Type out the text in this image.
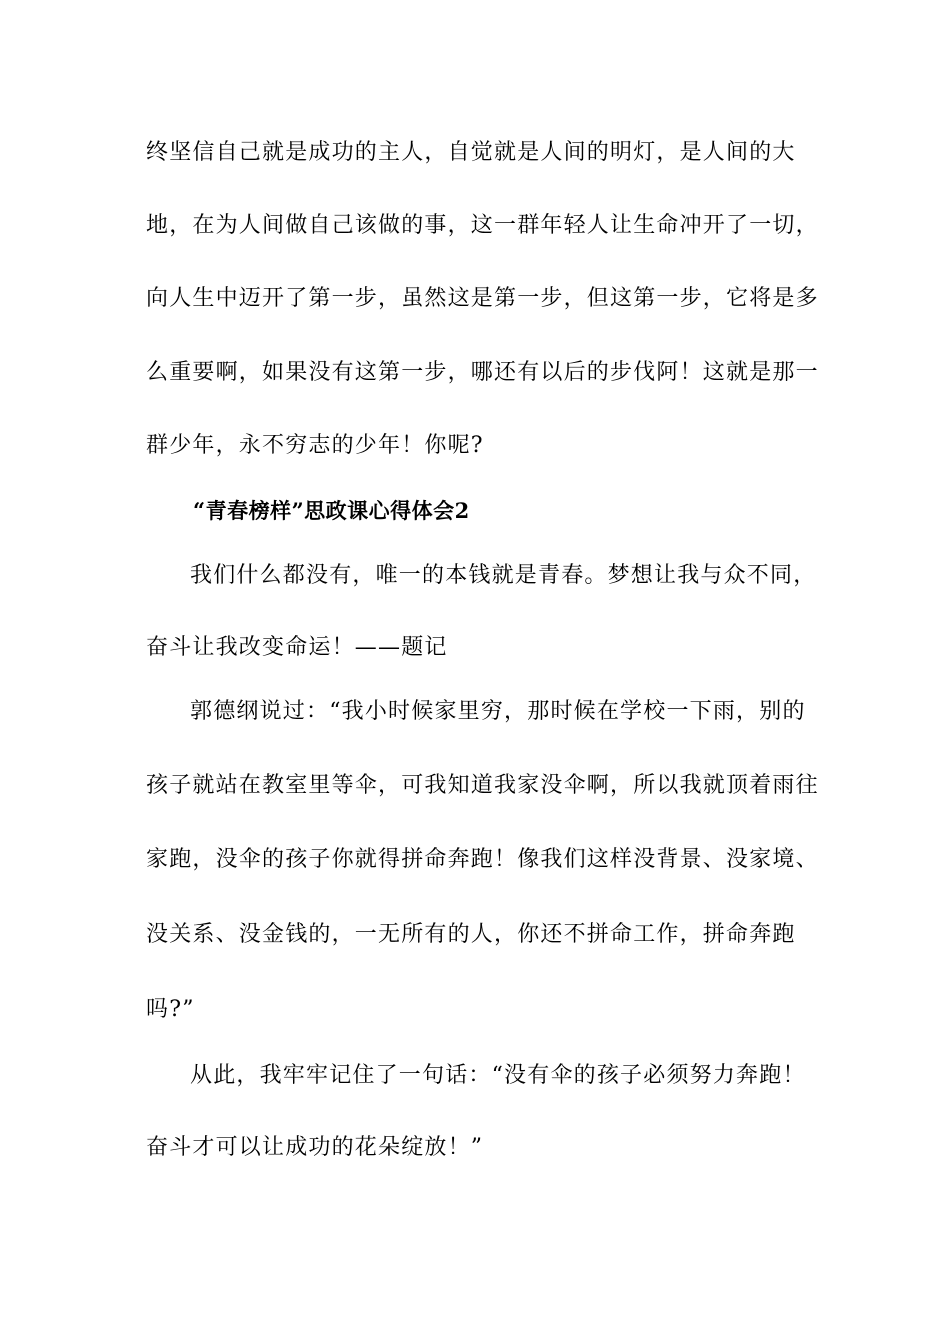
终坚信自己就是成功的主人，自觉就是人间的明灯，是人间的大
地，在为人间做自己该做的事，这一群年轻人让生命冲开了一切，
向人生中迈开了第一步，虽然这是第一步，但这第一步，它将是多
么重要啊，如果没有这第一步，哪还有以后的步伐阿！这就是那一
群少年，永不穷志的少年！你呢?
“青春榜样”思政课心得体会2
我们什么都没有，唯一的本钱就是青春。梦想让我与众不同，
奋斗让我改变命运！——题记
郭德纲说过：“我小时候家里穷，那时候在学校一下雨，别的
孩子就站在教室里等伞，可我知道我家没伞啊，所以我就顶着雨往
家跑，没伞的孩子你就得拼命奔跑！像我们这样没背景、没家境、
没关系、没金钱的，一无所有的人，你还不拼命工作，拼命奔跑
吗?”
从此，我牢牢记住了一句话：“没有伞的孩子必须努力奔跑！
奋斗才可以让成功的花朵绽放！”
